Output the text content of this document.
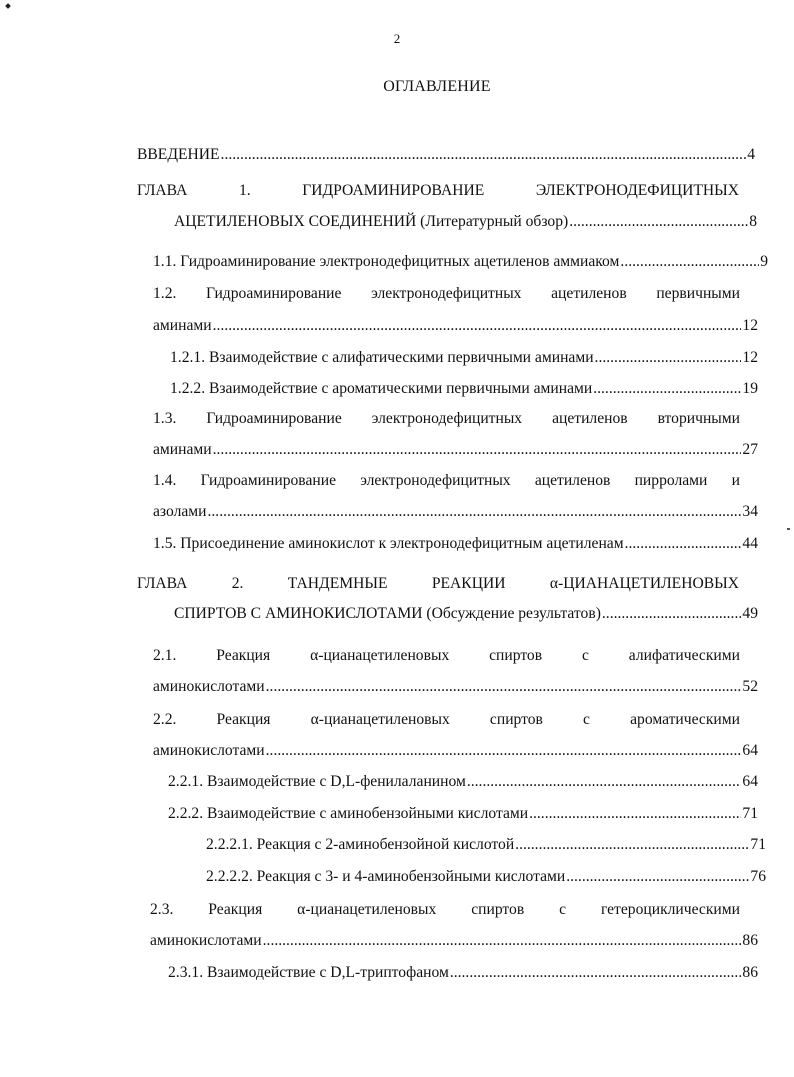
2
ОГЛАВЛЕНИЕ
ВВЕДЕНИЕ .....	4
ГЛАВА	1.	ГИДРОАМИНИРОВАНИЕ	ЭЛЕКТРОНОДЕФИЦИТНЫХ
АЦЕТИЛЕНОВЫХ СОЕДИНЕНИЙ (Литературный обзор) .....	8
1.1. Гидроаминирование электронодефицитных ацетиленов аммиаком .....	9
1.2. Гидроаминирование электронодефицитных ацетиленов первичными
аминами .....	12
1.2.1. Взаимодействие с алифатическими первичными аминами .....	12
1.2.2. Взаимодействие с ароматическими первичными аминами .....	19
1.3. Гидроаминирование электронодефицитных ацетиленов вторичными
аминами .....	27
1.4. Гидроаминирование электронодефицитных ацетиленов пирролами и
азолами .....	34
1.5. Присоединение аминокислот к электронодефицитным ацетиленам .....	44
ГЛАВА	2.	ТАНДЕМНЫЕ	РЕАКЦИИ	α-ЦИАНАЦЕТИЛЕНОВЫХ
СПИРТОВ С АМИНОКИСЛОТАМИ (Обсуждение результатов) .....	49
2.1.	Реакция	α-цианацетиленовых	спиртов	с	алифатическими
аминокислотами .....	52
2.2.	Реакция	α-цианацетиленовых	спиртов	с	ароматическими
аминокислотами .....	64
2.2.1. Взаимодействие с D,L-фенилаланином .....	64
2.2.2. Взаимодействие с аминобензойными кислотами .....	71
2.2.2.1. Реакция с 2-аминобензойной кислотой .....	71
2.2.2.2. Реакция с 3- и 4-аминобензойными кислотами .....	76
2.3. Реакция α-цианацетиленовых спиртов с гетероциклическими
аминокислотами .....	86
2.3.1. Взаимодействие с D,L-триптофаном .....	86
